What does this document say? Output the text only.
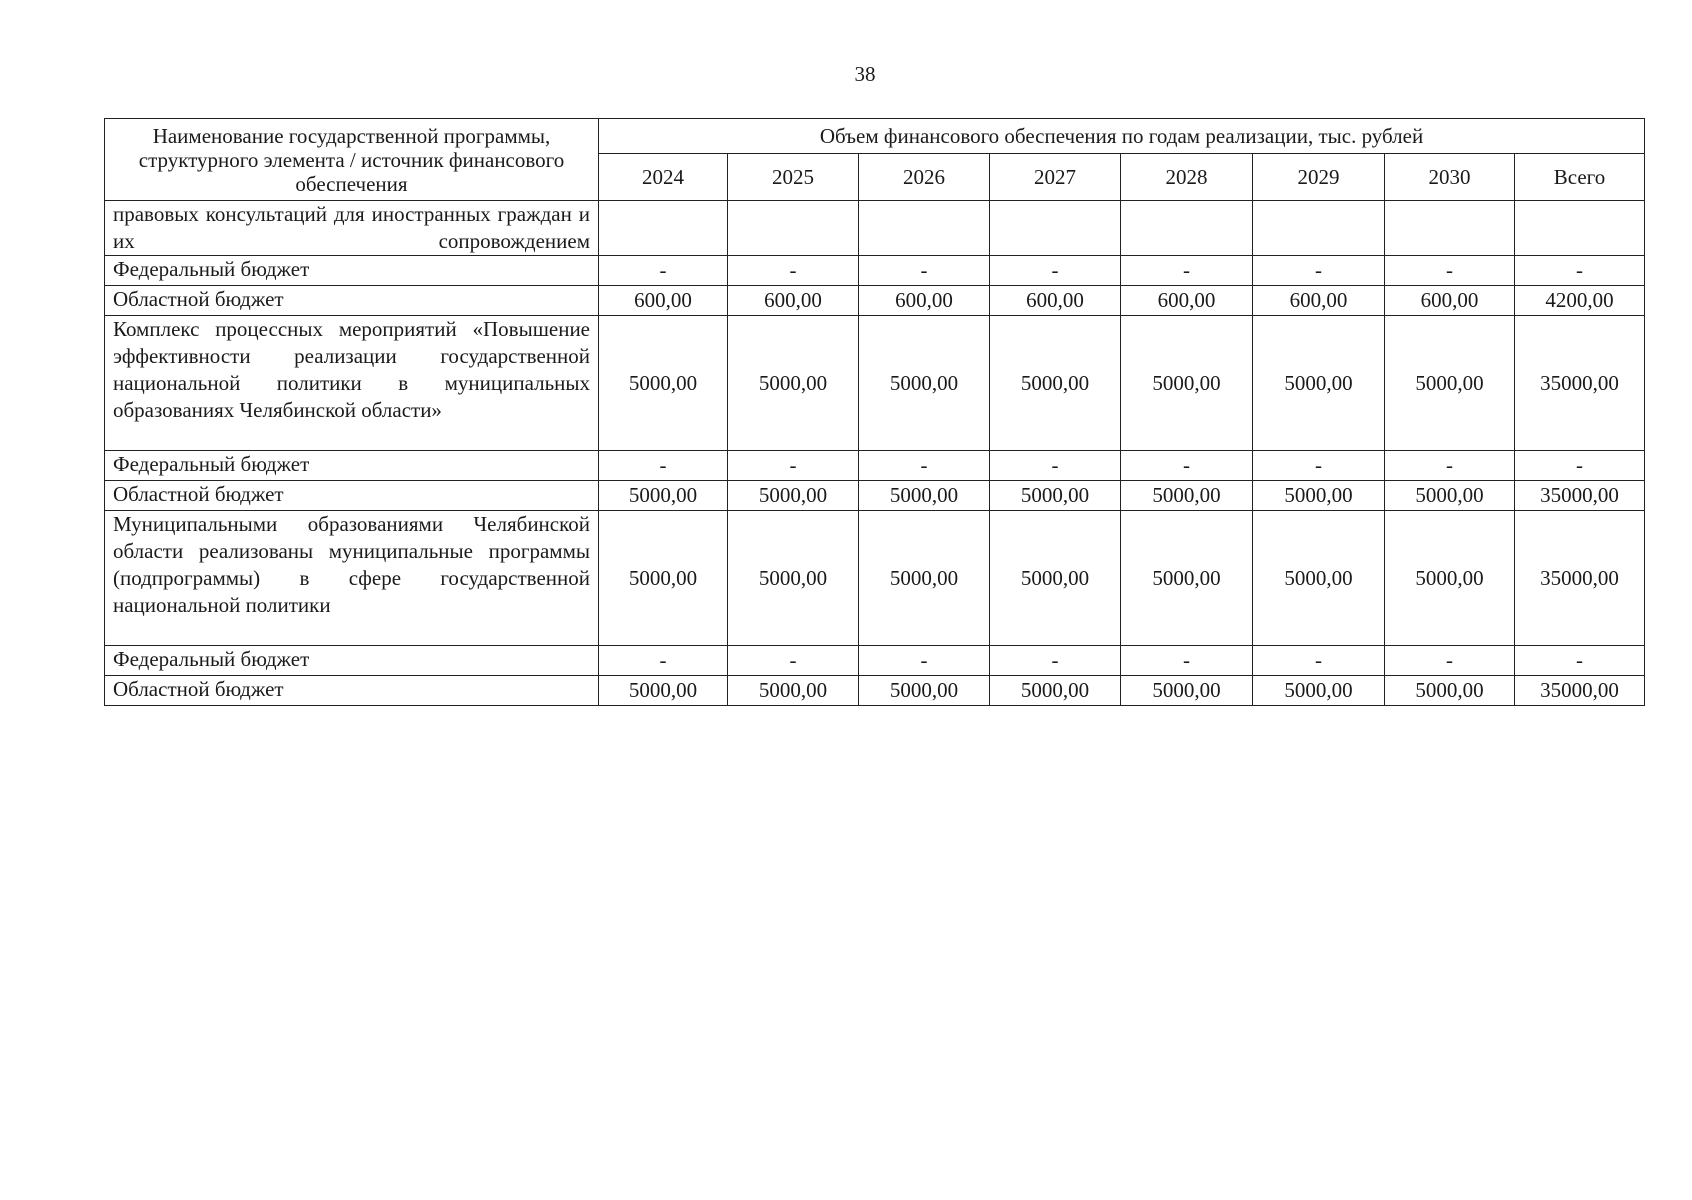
38
Наименование государственной программы, структурного элемента / источник финансового обеспечения	Объем финансового обеспечения по годам реализации, тыс. рублей							
	2024	2025	2026	2027	2028	2029	2030	Всего
правовых консультаций для иностранных граждан и их сопровождением								
Федеральный бюджет	-	-	-	-	-	-	-	-
Областной бюджет	600,00	600,00	600,00	600,00	600,00	600,00	600,00	4200,00
Комплекс процессных мероприятий «Повышение эффективности реализации государственной национальной политики в муниципальных образованиях Челябинской области»	5000,00	5000,00	5000,00	5000,00	5000,00	5000,00	5000,00	35000,00
Федеральный бюджет	-	-	-	-	-	-	-	-
Областной бюджет	5000,00	5000,00	5000,00	5000,00	5000,00	5000,00	5000,00	35000,00
Муниципальными образованиями Челябинской области реализованы муниципальные программы (подпрограммы) в сфере государственной национальной политики	5000,00	5000,00	5000,00	5000,00	5000,00	5000,00	5000,00	35000,00
Федеральный бюджет	-	-	-	-	-	-	-	-
Областной бюджет	5000,00	5000,00	5000,00	5000,00	5000,00	5000,00	5000,00	35000,00
